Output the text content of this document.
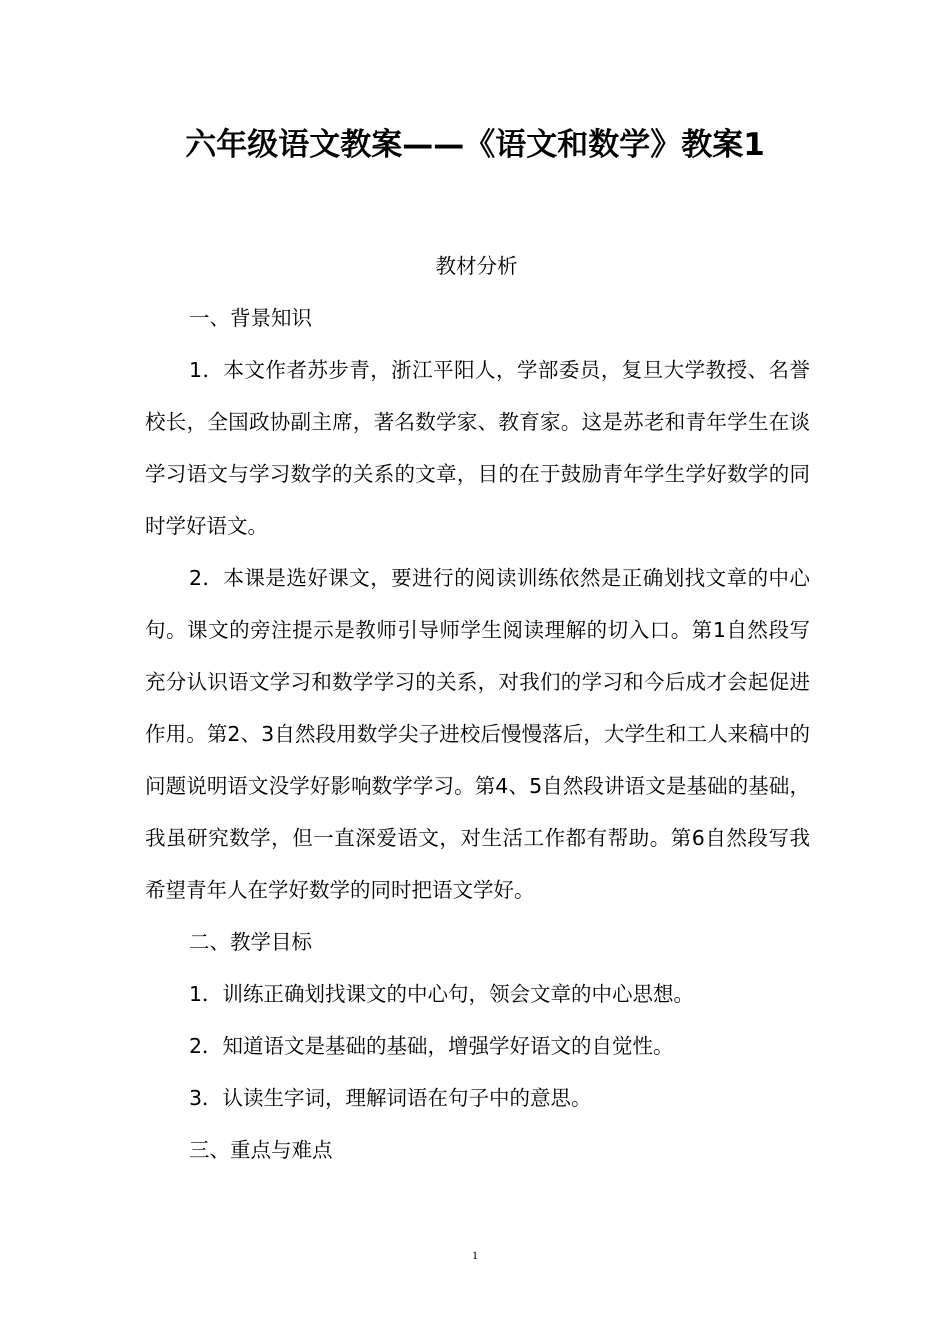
六年级语文教案——《语文和数学》教案1

教材分析

一、背景知识

1．本文作者苏步青，浙江平阳人，学部委员，复旦大学教授、名誉校长，全国政协副主席，著名数学家、教育家。这是苏老和青年学生在谈学习语文与学习数学的关系的文章，目的在于鼓励青年学生学好数学的同时学好语文。

2．本课是选好课文，要进行的阅读训练依然是正确划找文章的中心句。课文的旁注提示是教师引导师学生阅读理解的切入口。第1自然段写充分认识语文学习和数学学习的关系，对我们的学习和今后成才会起促进作用。第2、3自然段用数学尖子进校后慢慢落后，大学生和工人来稿中的问题说明语文没学好影响数学学习。第4、5自然段讲语文是基础的基础，我虽研究数学，但一直深爱语文，对生活工作都有帮助。第6自然段写我希望青年人在学好数学的同时把语文学好。

二、教学目标

1．训练正确划找课文的中心句，领会文章的中心思想。

2．知道语文是基础的基础，增强学好语文的自觉性。

3．认读生字词，理解词语在句子中的意思。

三、重点与难点

1
